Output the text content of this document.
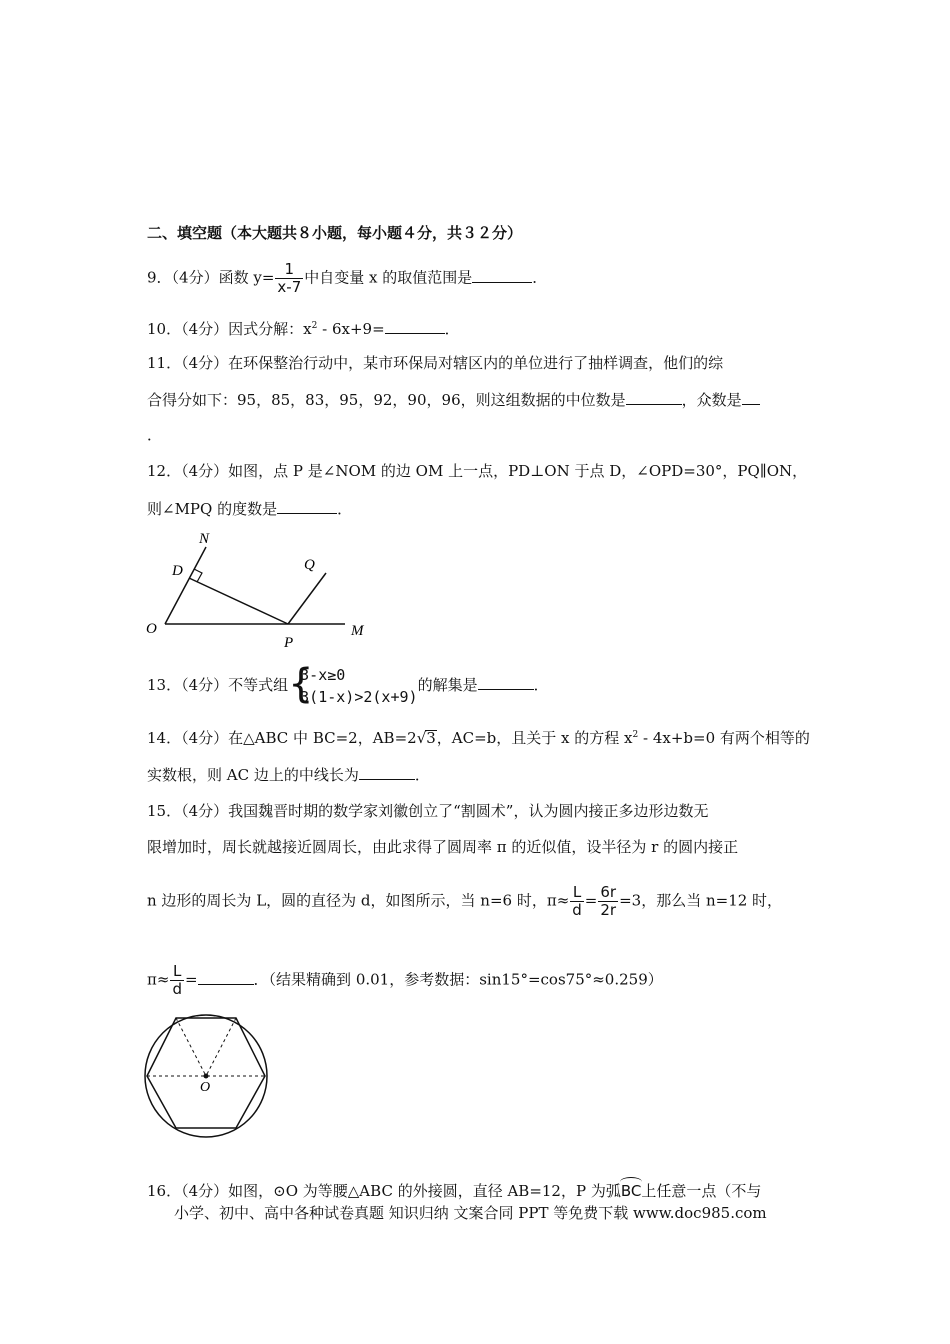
二、填空题（本大题共８小题，每小题４分，共３２分）
9．（4分）函数 $y= \frac{1}{x-7}$ 中自变量 x 的取值范围是	．
10．（4分）因式分解：$x^2 - 6x+9=$	．
11．（4分）在环保整治行动中，某市环保局对辖区内的单位进行了抽样调查，他们的综
合得分如下：95，85，83，95，92，90，96，则这组数据的中位数是	，众数是
．
12．（4分）如图，点 P 是∠NOM 的边 OM 上一点，PD⊥ON 于点 D，∠OPD=30°，PQ∥ON，
则∠MPQ 的度数是	．
N
D	Q
O
P
M
13．（4分）不等式组 {
3-x≥0
3(1-x)>2(x+9)
的解集是	．
14．（4分）在△ABC 中 BC=2，AB=2√3，AC=b，且关于 x 的方程 $x^2 - 4x+b=0$ 有两个相等的
实数根，则 AC 边上的中线长为	．
15．（4分）我国魏晋时期的数学家刘徽创立了“割圆术”，认为圆内接正多边形边数无
限增加时，周长就越接近圆周长，由此求得了圆周率 π 的近似值，设半径为 r 的圆内接正
n 边形的周长为 L，圆的直径为 d，如图所示，当 n=6 时，$\pi\approx \frac{L}{d} = \frac{6r}{2r} =3$，那么当 n=12 时，
$\pi\approx \frac{L}{d}$ =	．（结果精确到 0.01，参考数据：sin15°=cos75°≈0.259）
O
16．（4分）如图，⊙O 为等腰△ABC 的外接圆，直径 AB=12，P 为弧BC上任意一点（不与
小学、初中、高中各种试卷真题 知识归纳 文案合同 PPT 等免费下载 www.doc985.com
